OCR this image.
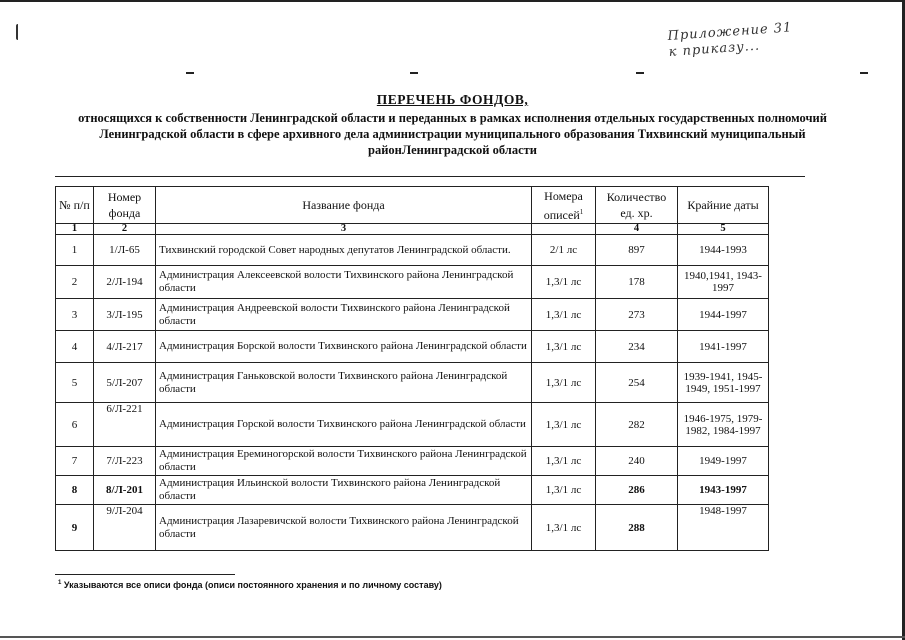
Приложение 31
к приказу...
ПЕРЕЧЕНЬ ФОНДОВ,
относящихся к собственности Ленинградской области и переданных в рамках исполнения отдельных государственных полномочий Ленинградской области в сфере архивного дела администрации муниципального образования Тихвинский муниципальный районЛенинградской области
№ п/п	Номер фонда	Название фонда	Номера описей$^1$	Количество ед. хр.	Крайние даты
1	2	3		4	5
1	1/Л-65	Тихвинский городской Совет народных депутатов Ленинградской области.	2/1 лс	897	1944-1993
2	2/Л-194	Администрация Алексеевской волости Тихвинского района Ленинградской области	1,3/1 лс	178	1940,1941, 1943-1997
3	3/Л-195	Администрация Андреевской волости Тихвинского района Ленинградской области	1,3/1 лс	273	1944-1997
4	4/Л-217	Администрация Борской волости Тихвинского района Ленинградской области	1,3/1 лс	234	1941-1997
5	5/Л-207	Администрация Ганьковской волости Тихвинского района Ленинградской области	1,3/1 лс	254	1939-1941, 1945-1949, 1951-1997
6	6/Л-221	Администрация Горской волости Тихвинского района Ленинградской области	1,3/1 лс	282	1946-1975, 1979-1982, 1984-1997
7	7/Л-223	Администрация Ереминогорской волости Тихвинского района Ленинградской области	1,3/1 лс	240	1949-1997
8	8/Л-201	Администрация Ильинской волости Тихвинского района Ленинградской области	1,3/1 лс	286	1943-1997
9	9/Л-204	Администрация Лазаревичской волости Тихвинского района Ленинградской области	1,3/1 лс	288	1948-1997
$^1$ Указываются все описи фонда (описи постоянного хранения и по личному составу)
